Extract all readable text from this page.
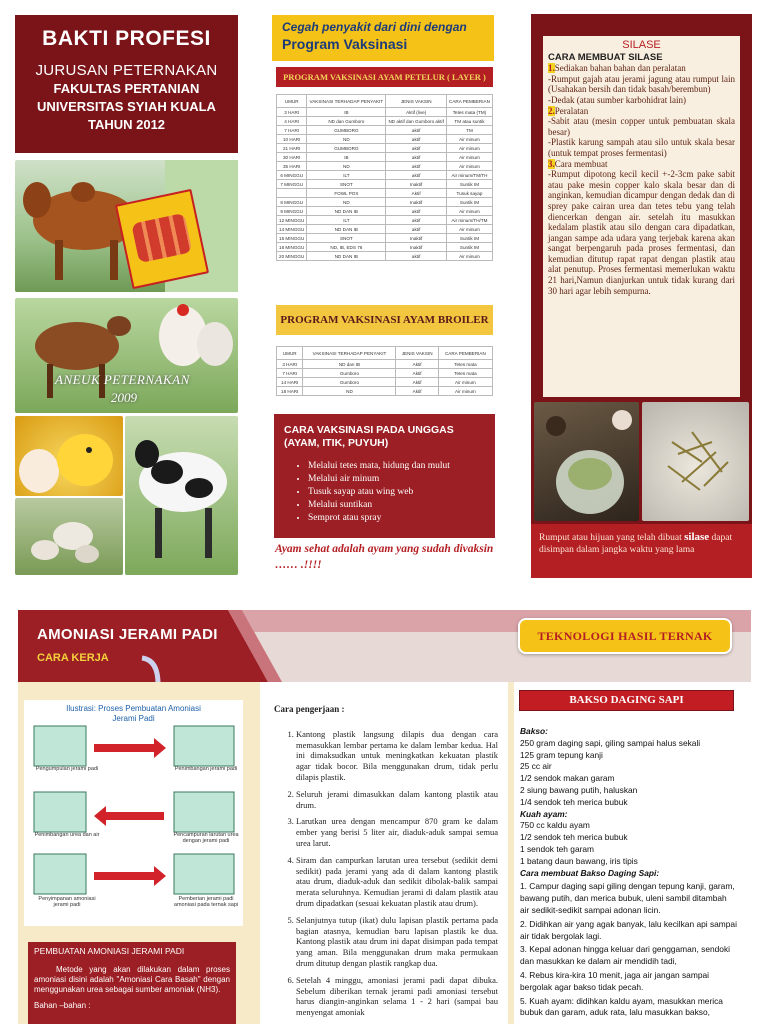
BAKTI PROFESI
JURUSAN PETERNAKAN
FAKULTAS PERTANIAN
UNIVERSITAS SYIAH KUALA
TAHUN 2012
ANEUK PETERNAKAN
2009
Cegah penyakit dari dini dengan
Program Vaksinasi
PROGRAM VAKSINASI AYAM PETELUR ( LAYER )
UMUR	VAKSINASI TERHADAP PENYAKIT	JENIS VAKSIN	CARA PEMBERIAN
3 HARI	IB	Aktif (live)	Tetes mata (TM)
4 HARI	ND dan Gumboro	ND aktif dan Gumboro aktif	TM atau suntik
7 HARI	GUMBORO	aktif	TM
10 HARI	ND	aktif	Air minum
21 HARI	GUMBORO	aktif	Air minum
30 HARI	IB	aktif	Air minum
35 HARI	ND	aktif	Air minum
6 MINGGU	ILT	aktif	Air minum/TM/TH
7 MINGGU	SNOT	Inaktif	Suntik IM
	FOWL POX	Aktif	Tusuk sayap
8 MINGGU	ND	Inaktif	Suntik IM
9 MINGGU	ND DAN IB	aktif	Air minum
12 MINGGU	ILT	aktif	Air minum/TH/TM
14 MINGGU	ND DAN IB	aktif	Air minum
15 MINGGU	SNOT	Inaktif	Suntik IM
16 MINGGU	ND, IB, EDS 76	Inaktif	Suntik IM
20 MINGGU	ND DAN IB	aktif	Air minum
PROGRAM VAKSINASI AYAM BROILER
UMUR	VAKSINASI TERHADAP PENYAKIT	JENIS VAKSIN	CARA PEMBERIAN
3 HARI	ND dan IB	Aktif	Tetes mata
7 HARI	Gumboro	Aktif	Tetes mata
14 HARI	Gumboro	Aktif	Air minum
18 HARI	ND	Aktif	Air minum
CARA VAKSINASI PADA UNGGAS (AYAM, ITIK, PUYUH)
• Melalui tetes mata, hidung dan mulut
• Melalui air minum
• Tusuk sayap atau wing web
• Melalui suntikan
• Semprot atau spray
Ayam sehat adalah ayam yang sudah divaksin …… .!!!!
SILASE
CARA MEMBUAT SILASE
1.Sediakan bahan bahan dan peralatan
-Rumput gajah atau jerami jagung atau rumput lain (Usahakan bersih dan tidak basah/berembun)
-Dedak (atau sumber karbohidrat lain)
2.Peralatan
-Sabit atau (mesin copper untuk pembuatan skala besar)
-Plastik karung sampah atau silo untuk skala besar (untuk tempat proses fermentasi)
3.Cara membuat
-Rumput dipotong kecil kecil +-2-3cm pake sabit atau pake mesin copper kalo skala besar dan di anginkan, kemudian dicampur dengan dedak dan di sprey pake cairan urea dan tetes tebu yang telah diencerkan dengan air. setelah itu masukkan kedalam plastik atau silo dengan cara dipadatkan, jangan sampe ada udara yang terjebak karena akan sangat berpengaruh pada proses fermentasi, dan kemudian ditutup rapat rapat dengan plastik atau alat penutup. Proses fermentasi memerlukan waktu 21 hari,Namun dianjurkan untuk tidak kurang dari 30 hari agar lebih sempurna.
Rumput atau hijuan yang telah dibuat silase dapat disimpan dalam jangka waktu yang lama
AMONIASI JERAMI PADI
CARA KERJA
TEKNOLOGI HASIL TERNAK
Ilustrasi: Proses Pembuatan Amoniasi
Jerami Padi
Pengumpulan jerami padi	Penimbangan jerami padi
Penimbangan urea dan air	Pencampuran larutan urea dengan jerami padi
Penyimpanan amoniasi jerami padi
Pemberian jerami padi amoniasi pada ternak sapi
PEMBUATAN AMONIASI JERAMI PADI
Metode yang akan dilakukan dalam proses amoniasi disini adalah "Amoniasi Cara Basah" dengan menggunakan urea sebagai sumber amoniak (NH3).
Bahan –bahan :
Cara pengerjaan :
1. Kantong plastik langsung dilapis dua dengan cara memasukkan lembar pertama ke dalam lembar kedua. Hal ini dimaksudkan untuk meningkatkan kekuatan plastik agar tidak bocor. Bila menggunakan drum, tidak perlu dilapis plastik.
2. Seluruh jerami dimasukkan dalam kantong plastik atau drum.
3. Larutkan urea dengan mencampur 870 gram ke dalam ember yang berisi 5 liter air, diaduk-aduk sampai semua urea larut.
4. Siram dan campurkan larutan urea tersebut (sedikit demi sedikit) pada jerami yang ada di dalam kantong plastik atau drum, diaduk-aduk dan sedikit dibolak-balik sampai merata seluruhnya. Kemudian jerami di dalam plastik atau drum dipadatkan (sesuai kekuatan plastik atau drum).
5. Selanjutnya tutup (ikat) dulu lapisan plastik pertama pada bagian atasnya, kemudian baru lapisan plastik ke dua. Kantong plastik atau drum ini dapat disimpan pada tempat yang aman. Bila menggunakan drum maka permukaan drum ditutup dengan plastik rangkap dua.
6. Setelah 4 minggu, amoniasi jerami padi dapat dibuka. Sebelum diberikan ternak jerami padi amoniasi tersebut harus diangin-anginkan selama 1 - 2 hari (sampai bau menyengat amoniak
BAKSO DAGING SAPI
Bakso:
250 gram daging sapi, giling sampai halus sekali
125 gram tepung kanji
25 cc air
1/2 sendok makan garam
2 siung bawang putih, haluskan
1/4 sendok teh merica bubuk
Kuah ayam:
750 cc kaldu ayam
1/2 sendok teh merica bubuk
1 sendok teh garam
1 batang daun bawang, iris tipis
Cara membuat Bakso Daging Sapi:
1. Campur daging sapi giling dengan tepung kanji, garam, bawang putih, dan merica bubuk, uleni sambil ditambah air sedikit-sedikit sampai adonan licin.
2. Didihkan air yang agak banyak, lalu kecilkan api sampai air tidak bergolak lagi.
3. Kepal adonan hingga keluar dari genggaman, sendoki dan masukkan ke dalam air mendidih tadi,
4. Rebus kira-kira 10 menit, jaga air jangan sampai bergolak agar bakso tidak pecah.
5. Kuah ayam: didihkan kaldu ayam, masukkan merica bubuk dan garam, aduk rata, lalu masukkan bakso,
